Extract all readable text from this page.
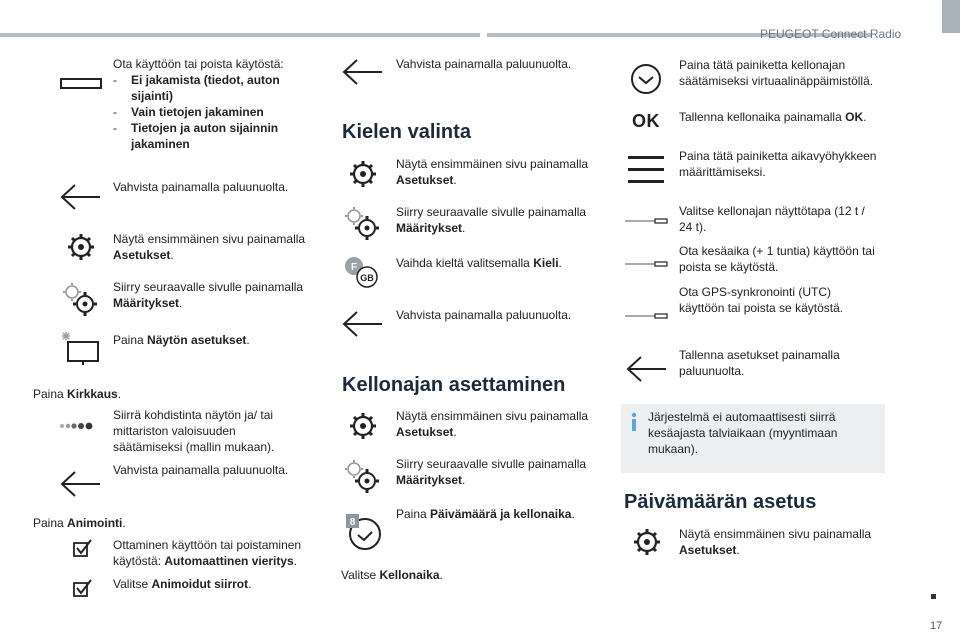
PEUGEOT Connect Radio
Ota käyttöön tai poista käytöstä:
- Ei jakamista (tiedot, auton sijainti)
- Vain tietojen jakaminen
- Tietojen ja auton sijainnin jakaminen
Vahvista painamalla paluunuolta.
Näytä ensimmäinen sivu painamalla Asetukset.
Siirry seuraavalle sivulle painamalla Määritykset.
Paina Näytön asetukset.
Paina Kirkkaus.
Siirrä kohdistinta näytön ja/ tai mittariston valoisuuden säätämiseksi (mallin mukaan).
Vahvista painamalla paluunuolta.
Paina Animointi.
Ottaminen käyttöön tai poistaminen käytöstä: Automaattinen vieritys.
Valitse Animoidut siirrot.
Vahvista painamalla paluunuolta.
Kielen valinta
Näytä ensimmäinen sivu painamalla Asetukset.
Siirry seuraavalle sivulle painamalla Määritykset.
F
GB
Vaihda kieltä valitsemalla Kieli.
Vahvista painamalla paluunuolta.
Kellonajan asettaminen
Näytä ensimmäinen sivu painamalla Asetukset.
Siirry seuraavalle sivulle painamalla Määritykset.
8
Paina Päivämäärä ja kellonaika.
Valitse Kellonaika.
Paina tätä painiketta kellonajan säätämiseksi virtuaalinäppäimistöllä.
OK Tallenna kellonaika painamalla OK.
Paina tätä painiketta aikavyöhykkeen määrittämiseksi.
Valitse kellonajan näyttötapa (12 t / 24 t).
Ota kesäaika (+ 1 tuntia) käyttöön tai poista se käytöstä.
Ota GPS-synkronointi (UTC) käyttöön tai poista se käytöstä.
Tallenna asetukset painamalla paluunuolta.
Järjestelmä ei automaattisesti siirrä kesäajasta talviaikaan (myyntimaan mukaan).
Päivämäärän asetus
Näytä ensimmäinen sivu painamalla Asetukset.
17
